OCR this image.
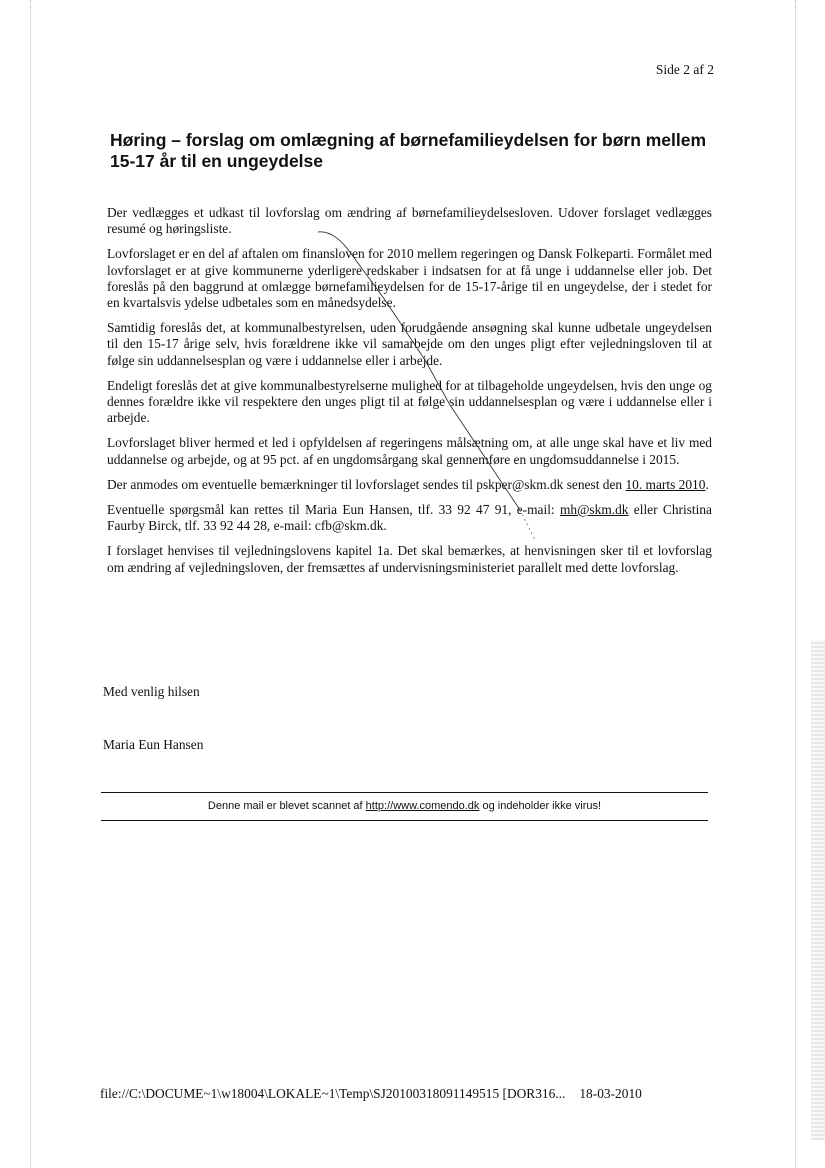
Side 2 af 2
Høring – forslag om omlægning af børnefamilieydelsen for børn mellem 15-17 år til en ungeydelse

Der vedlægges et udkast til lovforslag om ændring af børnefamilieydelsesloven. Udover forslaget vedlægges resumé og høringsliste.

Lovforslaget er en del af aftalen om finansloven for 2010 mellem regeringen og Dansk Folkeparti. Formålet med lovforslaget er at give kommunerne yderligere redskaber i indsatsen for at få unge i uddannelse eller job. Det foreslås på den baggrund at omlægge børnefamilieydelsen for de 15-17-årige til en ungeydelse, der i stedet for en kvartalsvis ydelse udbetales som en månedsydelse.

Samtidig foreslås det, at kommunalbestyrelsen, uden forudgående ansøgning skal kunne udbetale ungeydelsen til den 15-17 årige selv, hvis forældrene ikke vil samarbejde om den unges pligt efter vejledningsloven til at følge sin uddannelsesplan og være i uddannelse eller i arbejde.

Endeligt foreslås det at give kommunalbestyrelserne mulighed for at tilbageholde ungeydelsen, hvis den unge og dennes forældre ikke vil respektere den unges pligt til at følge sin uddannelsesplan og være i uddannelse eller i arbejde.

Lovforslaget bliver hermed et led i opfyldelsen af regeringens målsætning om, at alle unge skal have et liv med uddannelse og arbejde, og at 95 pct. af en ungdomsårgang skal gennemføre en ungdomsuddannelse i 2015.

Der anmodes om eventuelle bemærkninger til lovforslaget sendes til pskper@skm.dk senest den 10. marts 2010.

Eventuelle spørgsmål kan rettes til Maria Eun Hansen, tlf. 33 92 47 91, e-mail: mh@skm.dk eller Christina Faurby Birck, tlf. 33 92 44 28, e-mail: cfb@skm.dk.

I forslaget henvises til vejledningslovens kapitel 1a. Det skal bemærkes, at henvisningen sker til et lovforslag om ændring af vejledningsloven, der fremsættes af undervisningsministeriet parallelt med dette lovforslag.

Med venlig hilsen
Maria Eun Hansen
Denne mail er blevet scannet af http://www.comendo.dk og indeholder ikke virus!
file://C:\DOCUME~1\w18004\LOKALE~1\Temp\SJ20100318091149515 [DOR316... 18-03-2010
